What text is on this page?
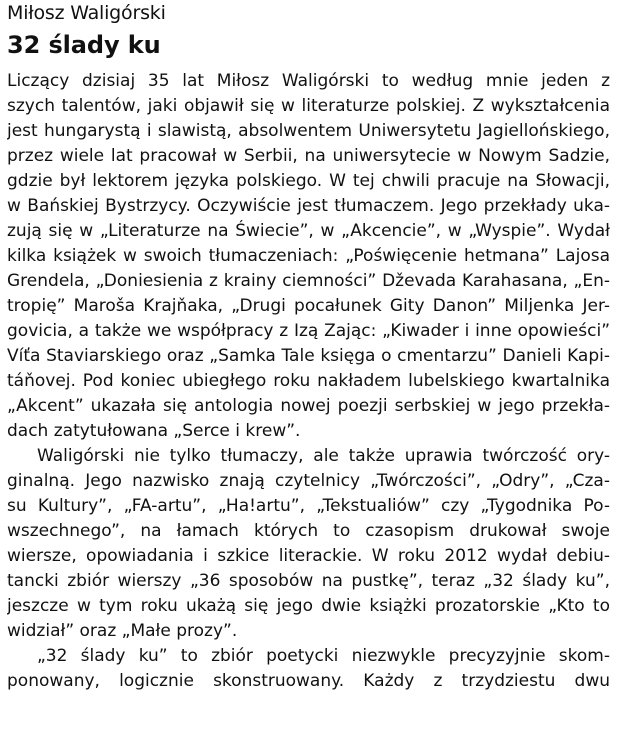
Miłosz Waligórski
32 ślady ku
Liczący dzisiaj 35 lat Miłosz Waligórski to według mnie jeden z
szych talentów, jaki objawił się w literaturze polskiej. Z wykształcenia
jest hungarystą i slawistą, absolwentem Uniwersytetu Jagiellońskiego,
przez wiele lat pracował w Serbii, na uniwersytecie w Nowym Sadzie,
gdzie był lektorem języka polskiego. W tej chwili pracuje na Słowacji,
w Bańskiej Bystrzycy. Oczywiście jest tłumaczem. Jego przekłady uka-
zują się w „Literaturze na Świecie”, w „Akcencie”, w „Wyspie”. Wydał
kilka książek w swoich tłumaczeniach: „Poświęcenie hetmana” Lajosa
Grendela, „Doniesienia z krainy ciemności” Dževada Karahasana, „En-
tropię” Maroša Krajňaka, „Drugi pocałunek Gity Danon” Miljenka Jer-
govicia, a także we współpracy z Izą Zając: „Kiwader i inne opowieści”
Víťa Staviarskiego oraz „Samka Tale księga o cmentarzu” Danieli Kapi-
táňovej. Pod koniec ubiegłego roku nakładem lubelskiego kwartalnika
„Akcent” ukazała się antologia nowej poezji serbskiej w jego przekła-
dach zatytułowana „Serce i krew”.
Waligórski nie tylko tłumaczy, ale także uprawia twórczość ory-
ginalną. Jego nazwisko znają czytelnicy „Twórczości”, „Odry”, „Cza-
su Kultury”, „FA-artu”, „Ha!artu”, „Tekstualiów” czy „Tygodnika Po-
wszechnego”, na łamach których to czasopism drukował swoje
wiersze, opowiadania i szkice literackie. W roku 2012 wydał debiu-
tancki zbiór wierszy „36 sposobów na pustkę”, teraz „32 ślady ku”,
jeszcze w tym roku ukażą się jego dwie książki prozatorskie „Kto to
widział” oraz „Małe prozy”.
„32 ślady ku” to zbiór poetycki niezwykle precyzyjnie skom-
ponowany, logicznie skonstruowany. Każdy z trzydziestu dwu
